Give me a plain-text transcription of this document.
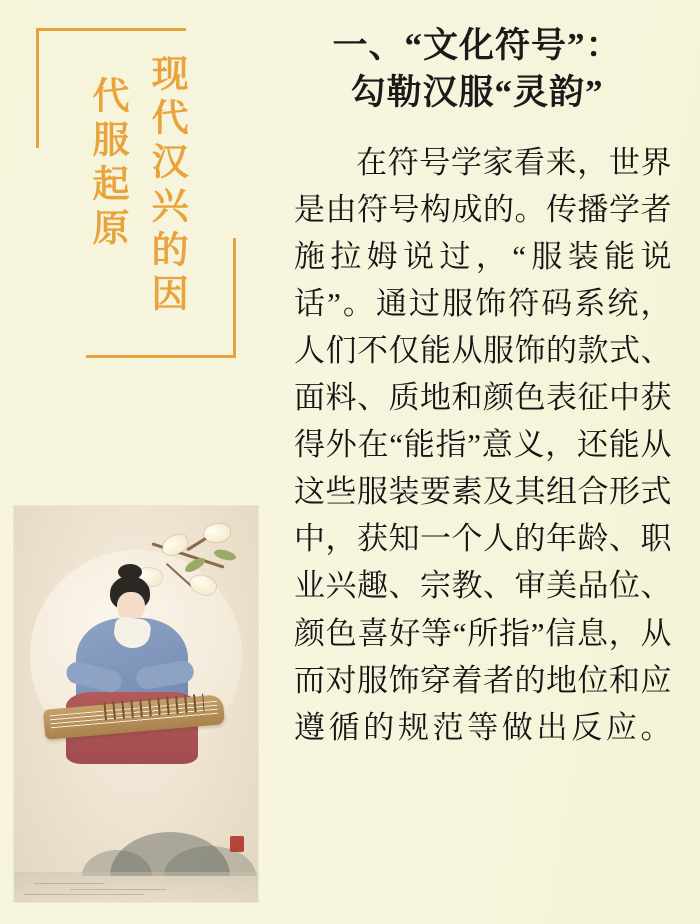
现代汉兴的因
代服起原
一、“文化符号”：
勾勒汉服“灵韵”

在符号学家看来，世界是由符号构成的。传播学者施拉姆说过，“服装能说话”。通过服饰符码系统，人们不仅能从服饰的款式、面料、质地和颜色表征中获得外在“能指”意义，还能从这些服装要素及其组合形式中，获知一个人的年龄、职业兴趣、宗教、审美品位、颜色喜好等“所指”信息，从而对服饰穿着者的地位和应遵循的规范等做出反应。
